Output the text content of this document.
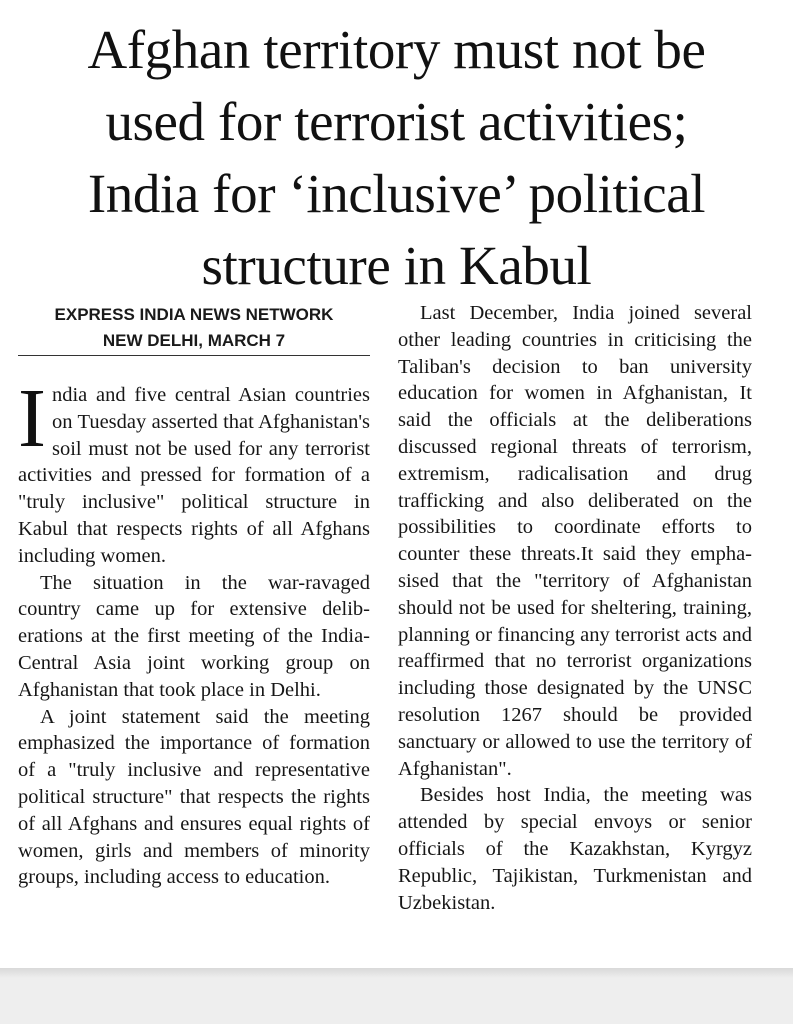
Afghan territory must not be
used for terrorist activities;
India for ‘inclusive’ political
structure in Kabul
EXPRESS INDIA NEWS NETWORK
NEW DELHI, MARCH 7

India and five central Asian countries on Tuesday asserted that Afghanistan's soil must not be used for any terrorist activities and pressed for formation of a "truly inclusive" political structure in Kabul that respects rights of all Afghans including women.

The situation in the war-ravaged country came up for extensive deliberations at the first meeting of the India-Central Asia joint working group on Afghanistan that took place in Delhi.

A joint statement said the meeting emphasized the importance of formation of a "truly inclusive and representative political structure" that respects the rights of all Afghans and ensures equal rights of women, girls and members of minority groups, including access to education.

Last December, India joined several other leading countries in criticising the Taliban's decision to ban university education for women in Afghanistan, It said the officials at the deliberations discussed regional threats of terrorism, extremism, radicalisation and drug trafficking and also deliberated on the possibilities to coordinate efforts to counter these threats.It said they emphasised that the "territory of Afghanistan should not be used for sheltering, training, planning or financing any terrorist acts and reaffirmed that no terrorist organizations including those designated by the UNSC resolution 1267 should be provided sanctuary or allowed to use the territory of Afghanistan".

Besides host India, the meeting was attended by special envoys or senior officials of the Kazakhstan, Kyrgyz Republic, Tajikistan, Turkmenistan and Uzbekistan.
